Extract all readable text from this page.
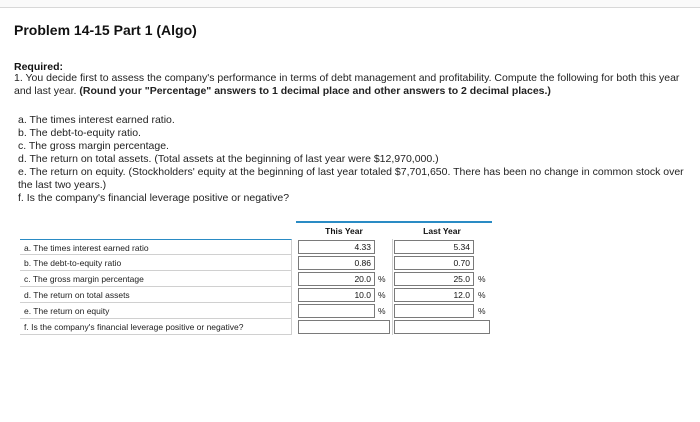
Problem 14-15 Part 1 (Algo)
Required:
1. You decide first to assess the company's performance in terms of debt management and profitability. Compute the following for both this year and last year. (Round your "Percentage" answers to 1 decimal place and other answers to 2 decimal places.)
a. The times interest earned ratio.
b. The debt-to-equity ratio.
c. The gross margin percentage.
d. The return on total assets. (Total assets at the beginning of last year were $12,970,000.)
e. The return on equity. (Stockholders' equity at the beginning of last year totaled $7,701,650. There has been no change in common stock over the last two years.)
f. Is the company's financial leverage positive or negative?
This Year	Last Year
a. The times interest earned ratio
b. The debt-to-equity ratio
c. The gross margin percentage
d. The return on total assets
e. The return on equity
f. Is the company's financial leverage positive or negative?
4.33
0.86
20.0
%
10.0
%
%
5.34
0.70
25.0
%
12.0
%
%
